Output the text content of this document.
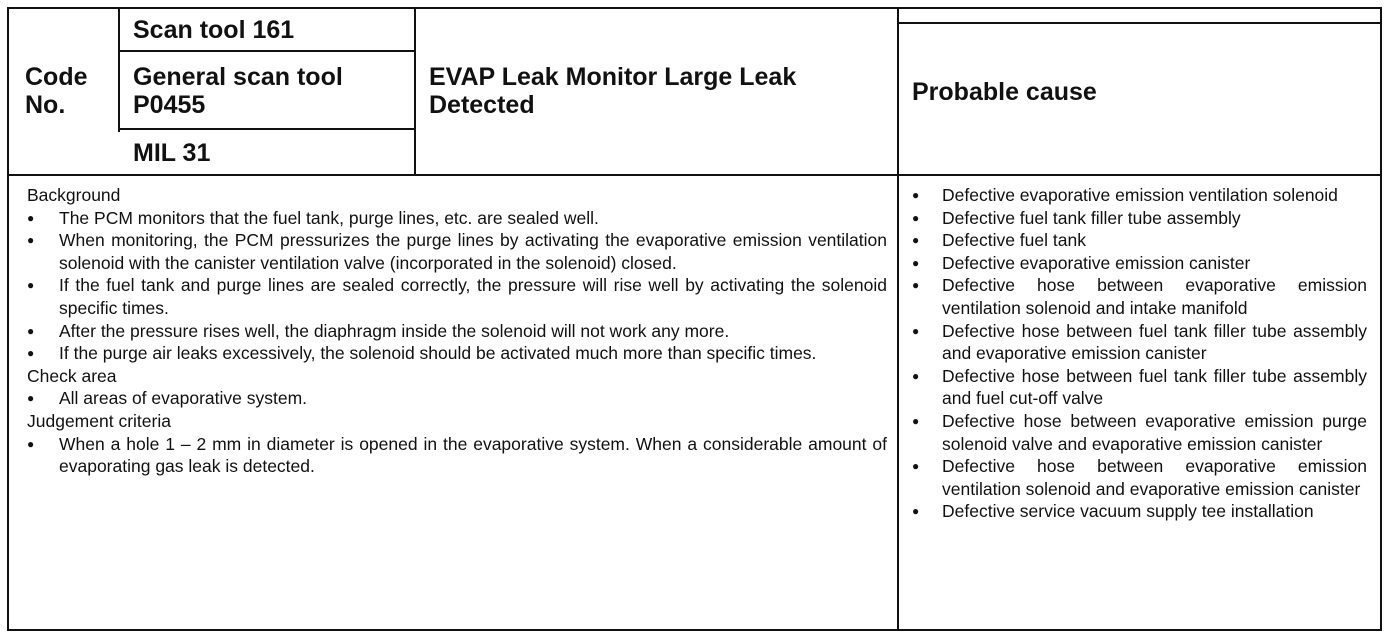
Code No.
Scan tool 161
General scan tool P0455
MIL 31
EVAP Leak Monitor Large Leak Detected	Probable cause
Background
● The PCM monitors that the fuel tank, purge lines, etc. are sealed well.
● When monitoring, the PCM pressurizes the purge lines by activating the evaporative emission ventilation solenoid with the canister ventilation valve (incorporated in the solenoid) closed.
● If the fuel tank and purge lines are sealed correctly, the pressure will rise well by activating the solenoid specific times.
● After the pressure rises well, the diaphragm inside the solenoid will not work any more.
● If the purge air leaks excessively, the solenoid should be activated much more than specific times.
Check area
● All areas of evaporative system.
Judgement criteria
● When a hole 1 – 2 mm in diameter is opened in the evaporative system. When a considerable amount of evaporating gas leak is detected.
● Defective evaporative emission ventilation solenoid
● Defective fuel tank filler tube assembly
● Defective fuel tank
● Defective evaporative emission canister
● Defective hose between evaporative emission ventilation solenoid and intake manifold
● Defective hose between fuel tank filler tube assembly and evaporative emission canister
● Defective hose between fuel tank filler tube assembly and fuel cut-off valve
● Defective hose between evaporative emission purge solenoid valve and evaporative emission canister
● Defective hose between evaporative emission ventilation solenoid and evaporative emission canister
● Defective service vacuum supply tee installation
